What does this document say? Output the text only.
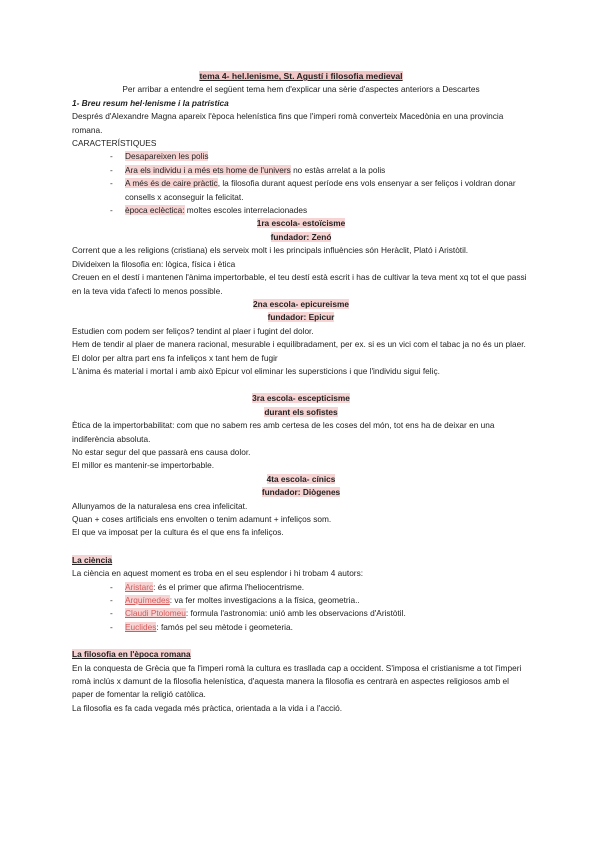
tema 4- hel.lenisme, St. Agustí i filosofia medieval

Per arribar a entendre el següent tema hem d'explicar una sèrie d'aspectes anteriors a Descartes

1- Breu resum hel·lenisme i la patrística

Després d'Alexandre Magna apareix l'època helenística fins que l'imperi romà converteix Macedònia en una provincia romana.

CARACTERÍSTIQUES

- Desapareixen les polis
- Ara els individu i a més ets home de l'univers no estàs arrelat a la polis
- A més és de caire pràctic, la filosofia durant aquest període ens vols ensenyar a ser feliços i voldran donar consells x aconseguir la felicitat.
- època eclèctica: moltes escoles interrelacionades

1ra escola- estoïcisme

fundador: Zenó

Corrent que a les religions (cristiana) els serveix molt i les principals influències són Heràclit, Plató i Aristòtil.

Divideixen la filosofia en: lògica, física i ètica

Creuen en el destí i mantenen l'ànima impertorbable, el teu destí està escrit i has de cultivar la teva ment xq tot el que passi en la teva vida t'afecti lo menos possible.

2na escola- epicureisme

fundador: Epicur

Estudien com podem ser feliços? tendint al plaer i fugint del dolor.

Hem de tendir al plaer de manera racional, mesurable i equilibradament, per ex. si es un vici com el tabac ja no és un plaer.

El dolor per altra part ens fa infeliços x tant hem de fugir

L'ànima és material i mortal i amb això Epicur vol eliminar les supersticions i que l'individu sigui feliç.

3ra escola- escepticisme

durant els sofistes

Ètica de la impertorbabilitat: com que no sabem res amb certesa de les coses del món, tot ens ha de deixar en una indiferència absoluta.

No estar segur del que passarà ens causa dolor.

El millor es mantenir-se impertorbable.

4ta escola- cínics

fundador: Diògenes

Allunyamos de la naturalesa ens crea infelicitat.

Quan + coses artificials ens envolten o tenim adamunt + infeliços som.

El que va imposat per la cultura és el que ens fa infeliços.

La ciència

La ciència en aquest moment es troba en el seu esplendor i hi trobam 4 autors:

- Aristarc: és el primer que afirma l'heliocentrisme.
- Arquímedes: va fer moltes investigacions a la física, geometria..
- Claudi Ptolomeu: formula l'astronomia: unió amb les observacions d'Aristòtil.
- Euclides: famós pel seu mètode i geometeria.

La filosofia en l'època romana

En la conquesta de Grècia que fa l'imperi romà la cultura es trasllada cap a occident. S'imposa el cristianisme a tot l'imperi romà inclús x damunt de la filosofia helenística, d'aquesta manera la filosofia es centrarà en aspectes religiosos amb el paper de fomentar la religió catòlica.

La filosofia es fa cada vegada més pràctica, orientada a la vida i a l'acció.
